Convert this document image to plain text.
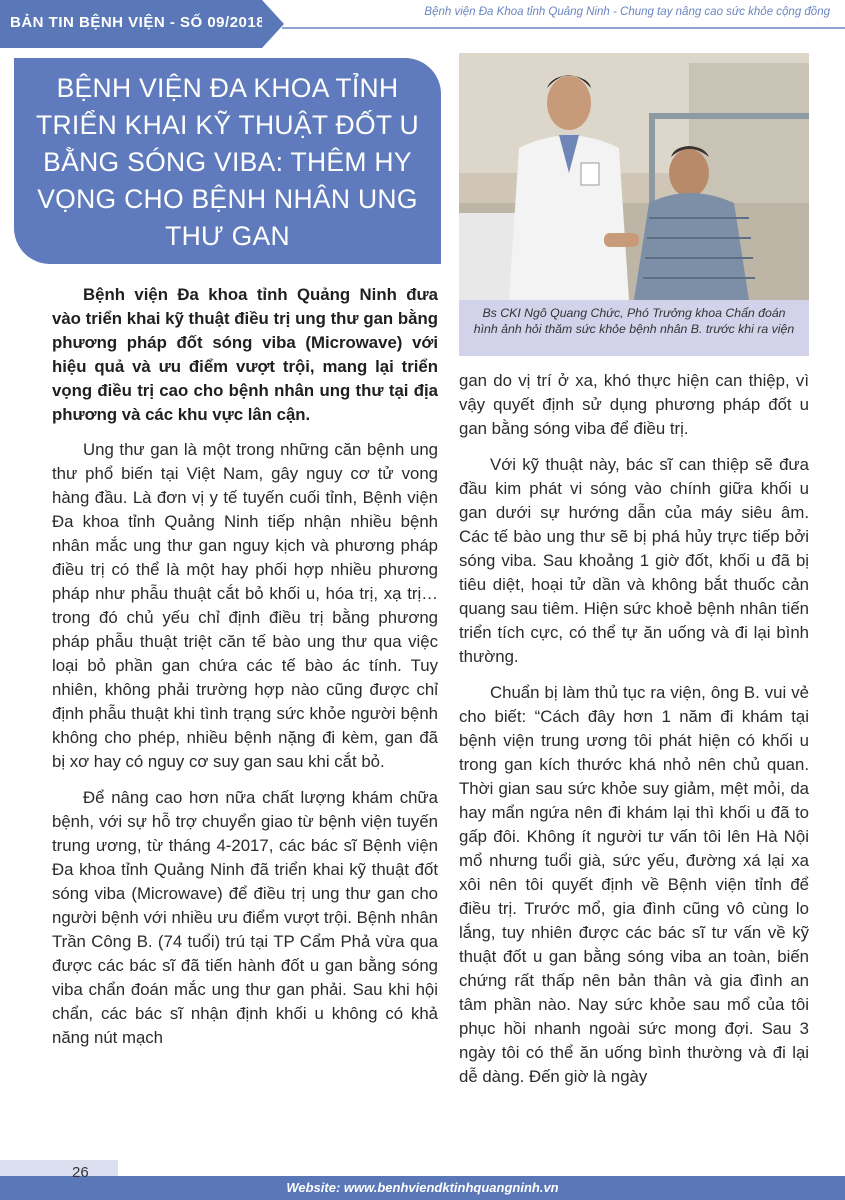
BẢN TIN BỆNH VIỆN - SỐ 09/2018
Bệnh viện Đa Khoa tỉnh Quảng Ninh - Chung tay nâng cao sức khỏe cộng đồng
BỆNH VIỆN ĐA KHOA TỈNH TRIỂN KHAI KỸ THUẬT ĐỐT U BẰNG SÓNG VIBA: THÊM HY VỌNG CHO BỆNH NHÂN UNG THƯ GAN
Bs CKI Ngô Quang Chức, Phó Trưởng khoa Chẩn đoán hình ảnh hỏi thăm sức khỏe bệnh nhân B. trước khi ra viện

Bệnh viện Đa khoa tỉnh Quảng Ninh đưa vào triển khai kỹ thuật điều trị ung thư gan bằng phương pháp đốt sóng viba (Microwave) với hiệu quả và ưu điểm vượt trội, mang lại triển vọng điều trị cao cho bệnh nhân ung thư tại địa phương và các khu vực lân cận.

Ung thư gan là một trong những căn bệnh ung thư phổ biến tại Việt Nam, gây nguy cơ tử vong hàng đầu. Là đơn vị y tế tuyến cuối tỉnh, Bệnh viện Đa khoa tỉnh Quảng Ninh tiếp nhận nhiều bệnh nhân mắc ung thư gan nguy kịch và phương pháp điều trị có thể là một hay phối hợp nhiều phương pháp như phẫu thuật cắt bỏ khối u, hóa trị, xạ trị… trong đó chủ yếu chỉ định điều trị bằng phương pháp phẫu thuật triệt căn tế bào ung thư qua việc loại bỏ phần gan chứa các tế bào ác tính. Tuy nhiên, không phải trường hợp nào cũng được chỉ định phẫu thuật khi tình trạng sức khỏe người bệnh không cho phép, nhiều bệnh nặng đi kèm, gan đã bị xơ hay có nguy cơ suy gan sau khi cắt bỏ.

Để nâng cao hơn nữa chất lượng khám chữa bệnh, với sự hỗ trợ chuyển giao từ bệnh viện tuyến trung ương, từ tháng 4-2017, các bác sĩ Bệnh viện Đa khoa tỉnh Quảng Ninh đã triển khai kỹ thuật đốt sóng viba (Microwave) để điều trị ung thư gan cho người bệnh với nhiều ưu điểm vượt trội. Bệnh nhân Trần Công B. (74 tuổi) trú tại TP Cẩm Phả vừa qua được các bác sĩ đã tiến hành đốt u gan bằng sóng viba chẩn đoán mắc ung thư gan phải. Sau khi hội chẩn, các bác sĩ nhận định khối u không có khả năng nút mạch

gan do vị trí ở xa, khó thực hiện can thiệp, vì vậy quyết định sử dụng phương pháp đốt u gan bằng sóng viba để điều trị.

Với kỹ thuật này, bác sĩ can thiệp sẽ đưa đầu kim phát vi sóng vào chính giữa khối u gan dưới sự hướng dẫn của máy siêu âm. Các tế bào ung thư sẽ bị phá hủy trực tiếp bởi sóng viba. Sau khoảng 1 giờ đốt, khối u đã bị tiêu diệt, hoại tử dần và không bắt thuốc cản quang sau tiêm. Hiện sức khoẻ bệnh nhân tiến triển tích cực, có thể tự ăn uống và đi lại bình thường.

Chuẩn bị làm thủ tục ra viện, ông B. vui vẻ cho biết: “Cách đây hơn 1 năm đi khám tại bệnh viện trung ương tôi phát hiện có khối u trong gan kích thước khá nhỏ nên chủ quan. Thời gian sau sức khỏe suy giảm, mệt mỏi, da hay mẩn ngứa nên đi khám lại thì khối u đã to gấp đôi. Không ít người tư vấn tôi lên Hà Nội mổ nhưng tuổi già, sức yếu, đường xá lại xa xôi nên tôi quyết định về Bệnh viện tỉnh để điều trị. Trước mổ, gia đình cũng vô cùng lo lắng, tuy nhiên được các bác sĩ tư vấn về kỹ thuật đốt u gan bằng sóng viba an toàn, biến chứng rất thấp nên bản thân và gia đình an tâm phần nào. Nay sức khỏe sau mổ của tôi phục hồi nhanh ngoài sức mong đợi. Sau 3 ngày tôi có thể ăn uống bình thường và đi lại dễ dàng. Đến giờ là ngày

26
Website: www.benhviendktinhquangninh.vn
